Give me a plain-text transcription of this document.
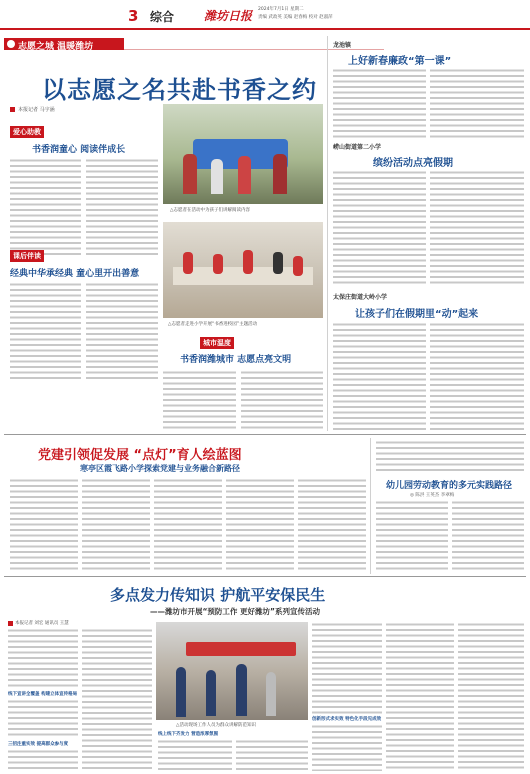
3 综合 潍坊日报 2024年7月1日 星期二
责编 武政英 美编 赵春梅 校对 赵淑萍
志愿之城 温暖潍坊
以志愿之名共赴书香之约
本报记者 马宇涵
爱心助教
书香润童心 阅读伴成长
课后伴读
经典中华承经典 童心里开出善意
△志愿者在活动中为孩子们讲解阅读内容
△志愿者走进小学开展“书香进校园”主题活动
城市温度
书香润潍城市 志愿点亮文明
龙池镇
上好新春廉政“第一课”
崂山街道第二小学
缤纷活动点亮假期
太保庄街道大岭小学
让孩子们在假期里“动”起来
党建引领促发展 “点灯”育人绘蓝图
寒亭区霞飞路小学探索党建与业务融合新路径
幼儿园劳动教育的多元实践路径
◎ 陈洪 王英杰 李翠梅
多点发力传知识 护航平安保民生
——潍坊市开展“预防工作 更好潍坊”系列宣传活动
本报记者 刘宏 通讯员 王慧
线下宣讲全覆盖 构建立体宣传格局
三招注重实效 提高群众参与度
△活动现场工作人员为群众讲解防范知识
线上线下齐发力 营造浓厚氛围
创新形式求实效 特色化手段见成效
